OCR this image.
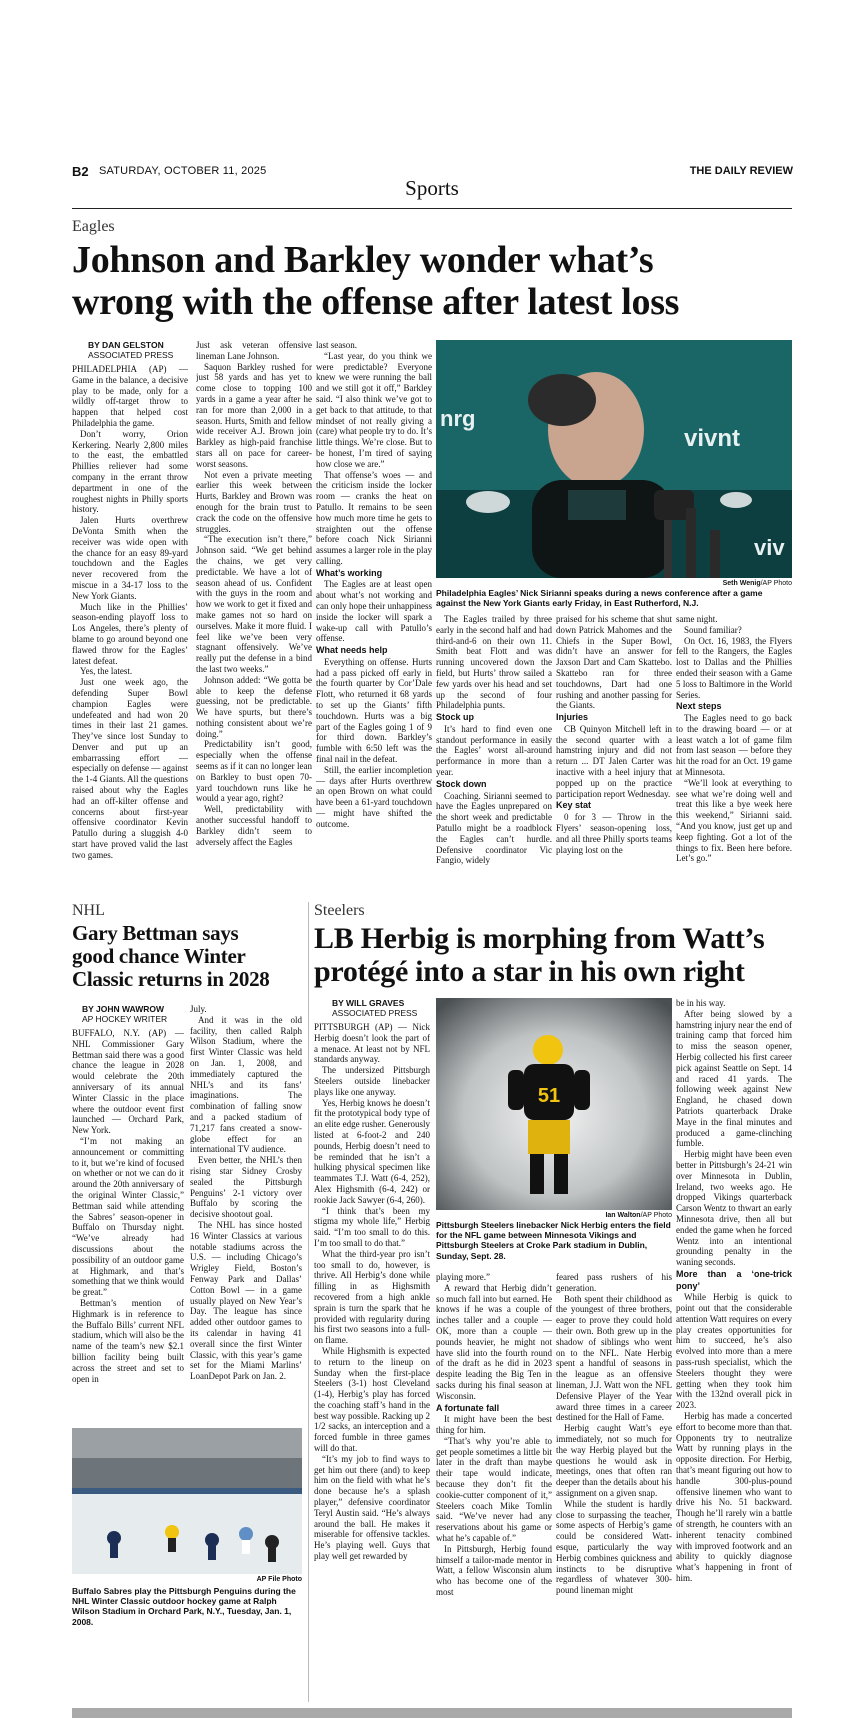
B2 SATURDAY, OCTOBER 11, 2025
Sports
THE DAILY REVIEW
Eagles
Johnson and Barkley wonder what’s
wrong with the offense after latest loss
BY DAN GELSTON
ASSOCIATED PRESS

PHILADELPHIA (AP) — Game in the balance, a decisive play to be made, only for a wildly off-target throw to happen that helped cost Philadelphia the game.

Don’t worry, Orion Kerkering. Nearly 2,800 miles to the east, the embattled Phillies reliever had some company in the errant throw department in one of the roughest nights in Philly sports history.

Jalen Hurts overthrew DeVonta Smith when the receiver was wide open with the chance for an easy 89-yard touchdown and the Eagles never recovered from the miscue in a 34-17 loss to the New York Giants.

Much like in the Phillies’ season-ending playoff loss to Los Angeles, there’s plenty of blame to go around beyond one flawed throw for the Eagles’ latest defeat.

Yes, the latest.

Just one week ago, the defending Super Bowl champion Eagles were undefeated and had won 20 times in their last 21 games. They’ve since lost Sunday to Denver and put up an embarrassing effort — especially on defense — against the 1-4 Giants. All the questions raised about why the Eagles had an off-kilter offense and concerns about first-year offensive coordinator Kevin Patullo during a sluggish 4-0 start have proved valid the last two games.

Just ask veteran offensive lineman Lane Johnson.

Saquon Barkley rushed for just 58 yards and has yet to come close to topping 100 yards in a game a year after he ran for more than 2,000 in a season. Hurts, Smith and fellow wide receiver A.J. Brown join Barkley as high-paid franchise stars all on pace for career-worst seasons.

Not even a private meeting earlier this week between Hurts, Barkley and Brown was enough for the brain trust to crack the code on the offensive struggles.

“The execution isn’t there,” Johnson said. “We get behind the chains, we get very predictable. We have a lot of season ahead of us. Confident with the guys in the room and how we work to get it fixed and make games not so hard on ourselves. Make it more fluid. I feel like we’ve been very stagnant offensively. We’ve really put the defense in a bind the last two weeks.”

Johnson added: “We gotta be able to keep the defense guessing, not be predictable. We have spurts, but there’s nothing consistent about we’re doing.”

Predictability isn’t good, especially when the offense seems as if it can no longer lean on Barkley to bust open 70-yard touchdown runs like he would a year ago, right?

Well, predictability with another successful handoff to Barkley didn’t seem to adversely affect the Eagles

last season.

“Last year, do you think we were predictable? Everyone knew we were running the ball and we still got it off,” Barkley said. “I also think we’ve got to get back to that attitude, to that mindset of not really giving a (care) what people try to do. It’s little things. We’re close. But to be honest, I’m tired of saying how close we are.”

That offense’s woes — and the criticism inside the locker room — cranks the heat on Patullo. It remains to be seen how much more time he gets to straighten out the offense before coach Nick Sirianni assumes a larger role in the play calling.

What’s working

The Eagles are at least open about what’s not working and can only hope their unhappiness inside the locker will spark a wake-up call with Patullo’s offense.

What needs help

Everything on offense. Hurts had a pass picked off early in the fourth quarter by Cor’Dale Flott, who returned it 68 yards to set up the Giants’ fifth touchdown. Hurts was a big part of the Eagles going 1 of 9 for third down. Barkley’s fumble with 6:50 left was the final nail in the defeat.

Still, the earlier incompletion — days after Hurts overthrew an open Brown on what could have been a 61-yard touchdown — might have shifted the outcome.

nrg
vivnt
viv
Seth Wenig/AP Photo
Philadelphia Eagles’ Nick Sirianni speaks during a news conference after a game against the New York Giants early Friday, in East Rutherford, N.J.

The Eagles trailed by three early in the second half and had third-and-6 on their own 11. Smith beat Flott and was running uncovered down the field, but Hurts’ throw sailed a few yards over his head and set up the second of four Philadelphia punts.

Stock up

It’s hard to find even one standout performance in easily the Eagles’ worst all-around performance in more than a year.

Stock down

Coaching. Sirianni seemed to have the Eagles unprepared on the short week and predictable Patullo might be a roadblock the Eagles can’t hurdle. Defensive coordinator Vic Fangio, widely

praised for his scheme that shut down Patrick Mahomes and the Chiefs in the Super Bowl, didn’t have an answer for Jaxson Dart and Cam Skattebo. Skattebo ran for three touchdowns, Dart had one rushing and another passing for the Giants.

Injuries

CB Quinyon Mitchell left in the second quarter with a hamstring injury and did not return ... DT Jalen Carter was inactive with a heel injury that popped up on the practice participation report Wednesday.

Key stat

0 for 3 — Throw in the Flyers’ season-opening loss, and all three Philly sports teams playing lost on the

same night.

Sound familiar?

On Oct. 16, 1983, the Flyers fell to the Rangers, the Eagles lost to Dallas and the Phillies ended their season with a Game 5 loss to Baltimore in the World Series.

Next steps

The Eagles need to go back to the drawing board — or at least watch a lot of game film from last season — before they hit the road for an Oct. 19 game at Minnesota.

“We’ll look at everything to see what we’re doing well and treat this like a bye week here this weekend,” Sirianni said. “And you know, just get up and keep fighting. Got a lot of the things to fix. Been here before. Let’s go.”

NHL
Gary Bettman says
good chance Winter
Classic returns in 2028
BY JOHN WAWROW
AP HOCKEY WRITER

BUFFALO, N.Y. (AP) — NHL Commissioner Gary Bettman said there was a good chance the league in 2028 would celebrate the 20th anniversary of its annual Winter Classic in the place where the outdoor event first launched — Orchard Park, New York.

“I’m not making an announcement or committing to it, but we’re kind of focused on whether or not we can do it around the 20th anniversary of the original Winter Classic,” Bettman said while attending the Sabres’ season-opener in Buffalo on Thursday night. “We’ve already had discussions about the possibility of an outdoor game at Highmark, and that’s something that we think would be great.”

Bettman’s mention of Highmark is in reference to the Buffalo Bills’ current NFL stadium, which will also be the name of the team’s new $2.1 billion facility being built across the street and set to open in

July.

And it was in the old facility, then called Ralph Wilson Stadium, where the first Winter Classic was held on Jan. 1, 2008, and immediately captured the NHL’s and its fans’ imaginations. The combination of falling snow and a packed stadium of 71,217 fans created a snow-globe effect for an international TV audience.

Even better, the NHL’s then rising star Sidney Crosby sealed the Pittsburgh Penguins’ 2-1 victory over Buffalo by scoring the decisive shootout goal.

The NHL has since hosted 16 Winter Classics at various notable stadiums across the U.S. — including Chicago’s Wrigley Field, Boston’s Fenway Park and Dallas’ Cotton Bowl — in a game usually played on New Year’s Day. The league has since added other outdoor games to its calendar in having 41 overall since the first Winter Classic, with this year’s game set for the Miami Marlins’ LoanDepot Park on Jan. 2.

AP File Photo
Buffalo Sabres play the Pittsburgh Penguins during the NHL Winter Classic outdoor hockey game at Ralph Wilson Stadium in Orchard Park, N.Y., Tuesday, Jan. 1, 2008.
Steelers
LB Herbig is morphing from Watt’s
protégé into a star in his own right
BY WILL GRAVES
ASSOCIATED PRESS

PITTSBURGH (AP) — Nick Herbig doesn’t look the part of a menace. At least not by NFL standards anyway.

The undersized Pittsburgh Steelers outside linebacker plays like one anyway.

Yes, Herbig knows he doesn’t fit the prototypical body type of an elite edge rusher. Generously listed at 6-foot-2 and 240 pounds, Herbig doesn’t need to be reminded that he isn’t a hulking physical specimen like teammates T.J. Watt (6-4, 252), Alex Highsmith (6-4, 242) or rookie Jack Sawyer (6-4, 260).

“I think that’s been my stigma my whole life,” Herbig said. “I’m too small to do this. I’m too small to do that.”

What the third-year pro isn’t too small to do, however, is thrive. All Herbig’s done while filling in as Highsmith recovered from a high ankle sprain is turn the spark that he provided with regularity during his first two seasons into a full-on flame.

While Highsmith is expected to return to the lineup on Sunday when the first-place Steelers (3-1) host Cleveland (1-4), Herbig’s play has forced the coaching staff’s hand in the best way possible. Racking up 2 1/2 sacks, an interception and a forced fumble in three games will do that.

“It’s my job to find ways to get him out there (and) to keep him on the field with what he’s done because he’s a splash player,” defensive coordinator Teryl Austin said. “He’s always around the ball. He makes it miserable for offensive tackles. He’s playing well. Guys that play well get rewarded by

51
Ian Walton/AP Photo
Pittsburgh Steelers linebacker Nick Herbig enters the field for the NFL game between Minnesota Vikings and Pittsburgh Steelers at Croke Park stadium in Dublin, Sunday, Sept. 28.

playing more.”

A reward that Herbig didn’t so much fall into but earned. He knows if he was a couple of inches taller and a couple — OK, more than a couple — pounds heavier, he might not have slid into the fourth round of the draft as he did in 2023 despite leading the Big Ten in sacks during his final season at Wisconsin.

A fortunate fall

It might have been the best thing for him.

“That’s why you’re able to get people sometimes a little bit later in the draft than maybe their tape would indicate, because they don’t fit the cookie-cutter component of it,” Steelers coach Mike Tomlin said. “We’ve never had any reservations about his game or what he’s capable of.”

In Pittsburgh, Herbig found himself a tailor-made mentor in Watt, a fellow Wisconsin alum who has become one of the most

feared pass rushers of his generation.

Both spent their childhood as the youngest of three brothers, eager to prove they could hold their own. Both grew up in the shadow of siblings who went on to the NFL. Nate Herbig spent a handful of seasons in the league as an offensive lineman, J.J. Watt won the NFL Defensive Player of the Year award three times in a career destined for the Hall of Fame.

Herbig caught Watt’s eye immediately, not so much for the way Herbig played but the questions he would ask in meetings, ones that often ran deeper than the details about his assignment on a given snap.

While the student is hardly close to surpassing the teacher, some aspects of Herbig’s game could be considered Watt-esque, particularly the way Herbig combines quickness and instincts to be disruptive regardless of whatever 300-pound lineman might

be in his way.

After being slowed by a hamstring injury near the end of training camp that forced him to miss the season opener, Herbig collected his first career pick against Seattle on Sept. 14 and raced 41 yards. The following week against New England, he chased down Patriots quarterback Drake Maye in the final minutes and produced a game-clinching fumble.

Herbig might have been even better in Pittsburgh’s 24-21 win over Minnesota in Dublin, Ireland, two weeks ago. He dropped Vikings quarterback Carson Wentz to thwart an early Minnesota drive, then all but ended the game when he forced Wentz into an intentional grounding penalty in the waning seconds.

More than a ‘one-trick pony’

While Herbig is quick to point out that the considerable attention Watt requires on every play creates opportunities for him to succeed, he’s also evolved into more than a mere pass-rush specialist, which the Steelers thought they were getting when they took him with the 132nd overall pick in 2023.

Herbig has made a concerted effort to become more than that. Opponents try to neutralize Watt by running plays in the opposite direction. For Herbig, that’s meant figuring out how to handle 300-plus-pound offensive linemen who want to drive his No. 51 backward. Though he’ll rarely win a battle of strength, he counters with an inherent tenacity combined with improved footwork and an ability to quickly diagnose what’s happening in front of him.
